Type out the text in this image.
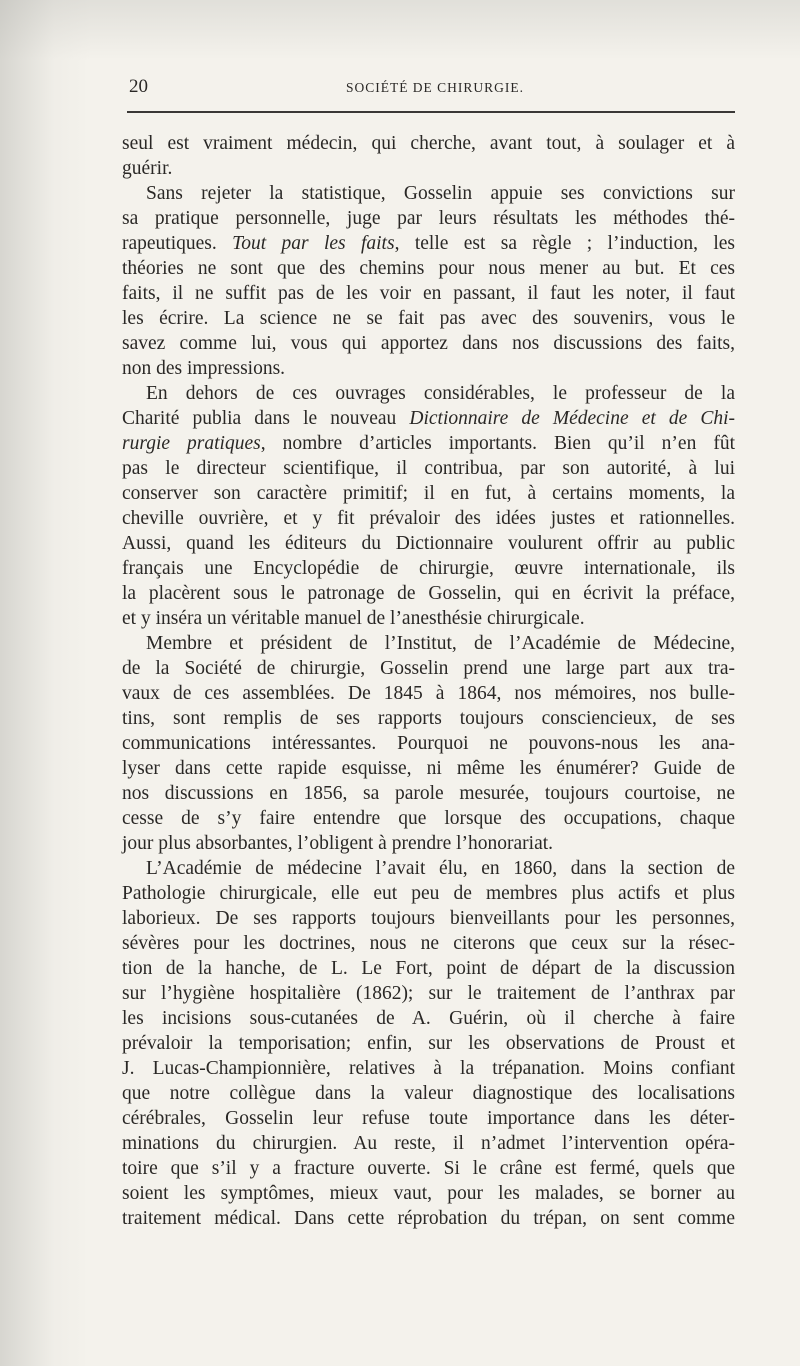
20	SOCIÉTÉ DE CHIRURGIE.
seul est vraiment médecin, qui cherche, avant tout, à soulager et à
guérir.
Sans rejeter la statistique, Gosselin appuie ses convictions sur
sa pratique personnelle, juge par leurs résultats les méthodes thé-
rapeutiques. Tout par les faits, telle est sa règle ; l’induction, les
théories ne sont que des chemins pour nous mener au but. Et ces
faits, il ne suffit pas de les voir en passant, il faut les noter, il faut
les écrire. La science ne se fait pas avec des souvenirs, vous le
savez comme lui, vous qui apportez dans nos discussions des faits,
non des impressions.
En dehors de ces ouvrages considérables, le professeur de la
Charité publia dans le nouveau Dictionnaire de Médecine et de Chi-
rurgie pratiques, nombre d’articles importants. Bien qu’il n’en fût
pas le directeur scientifique, il contribua, par son autorité, à lui
conserver son caractère primitif; il en fut, à certains moments, la
cheville ouvrière, et y fit prévaloir des idées justes et rationnelles.
Aussi, quand les éditeurs du Dictionnaire voulurent offrir au public
français une Encyclopédie de chirurgie, œuvre internationale, ils
la placèrent sous le patronage de Gosselin, qui en écrivit la préface,
et y inséra un véritable manuel de l’anesthésie chirurgicale.
Membre et président de l’Institut, de l’Académie de Médecine,
de la Société de chirurgie, Gosselin prend une large part aux tra-
vaux de ces assemblées. De 1845 à 1864, nos mémoires, nos bulle-
tins, sont remplis de ses rapports toujours consciencieux, de ses
communications intéressantes. Pourquoi ne pouvons-nous les ana-
lyser dans cette rapide esquisse, ni même les énumérer? Guide de
nos discussions en 1856, sa parole mesurée, toujours courtoise, ne
cesse de s’y faire entendre que lorsque des occupations, chaque
jour plus absorbantes, l’obligent à prendre l’honorariat.
L’Académie de médecine l’avait élu, en 1860, dans la section de
Pathologie chirurgicale, elle eut peu de membres plus actifs et plus
laborieux. De ses rapports toujours bienveillants pour les personnes,
sévères pour les doctrines, nous ne citerons que ceux sur la résec-
tion de la hanche, de L. Le Fort, point de départ de la discussion
sur l’hygiène hospitalière (1862); sur le traitement de l’anthrax par
les incisions sous-cutanées de A. Guérin, où il cherche à faire
prévaloir la temporisation; enfin, sur les observations de Proust et
J. Lucas-Championnière, relatives à la trépanation. Moins confiant
que notre collègue dans la valeur diagnostique des localisations
cérébrales, Gosselin leur refuse toute importance dans les déter-
minations du chirurgien. Au reste, il n’admet l’intervention opéra-
toire que s’il y a fracture ouverte. Si le crâne est fermé, quels que
soient les symptômes, mieux vaut, pour les malades, se borner au
traitement médical. Dans cette réprobation du trépan, on sent comme
